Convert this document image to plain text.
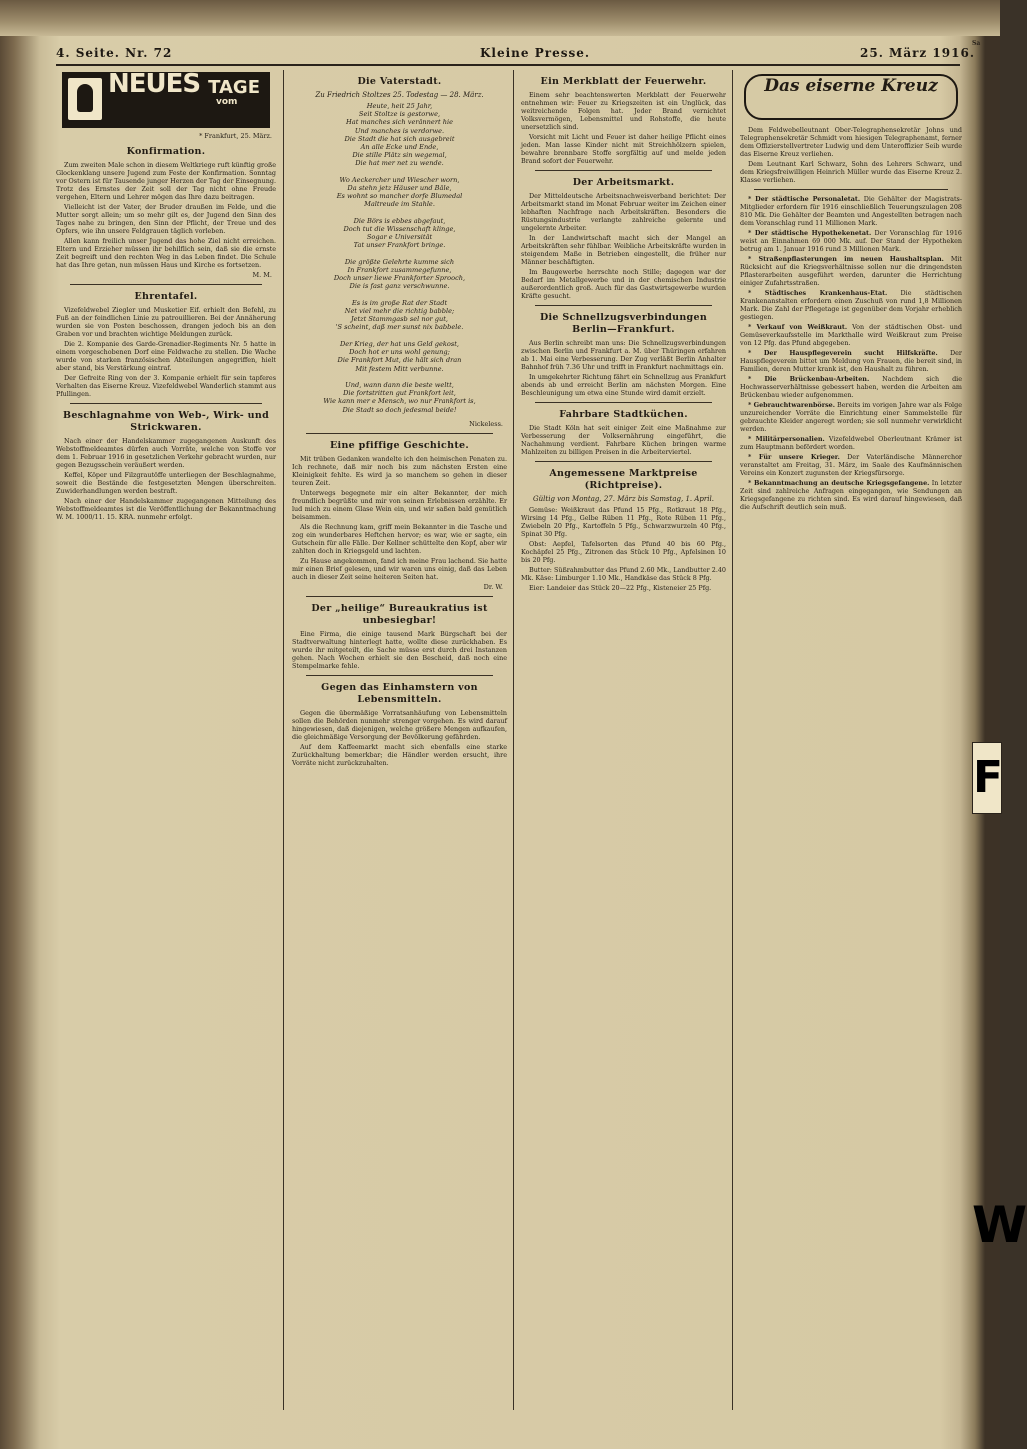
4. Seite. Nr. 72	Kleine Presse.	25. März 1916.
NEUES
vom
TAGE
* Frankfurt, 25. März.
Konfirmation.

Zum zweiten Male schon in diesem Weltkriege ruft künftig große Glockenklang unsere Jugend zum Feste der Konfirmation. Sonntag vor Ostern ist für Tausende junger Herzen der Tag der Einsegnung. Trotz des Ernstes der Zeit soll der Tag nicht ohne Freude vergehen, Eltern und Lehrer mögen das Ihre dazu beitragen.

Vielleicht ist der Vater, der Bruder draußen im Felde, und die Mutter sorgt allein; um so mehr gilt es, der Jugend den Sinn des Tages nahe zu bringen, den Sinn der Pflicht, der Treue und des Opfers, wie ihn unsere Feldgrauen täglich vorleben.

Allen kann freilich unser Jugend das hohe Ziel nicht erreichen. Eltern und Erzieher müssen ihr behilflich sein, daß sie die ernste Zeit begreift und den rechten Weg in das Leben findet. Die Schule hat das Ihre getan, nun müssen Haus und Kirche es fortsetzen.

M. M.
Ehrentafel.

Vizefeldwebel Ziegler und Musketier Eif. erhielt den Befehl, zu Fuß an der feindlichen Linie zu patrouillieren. Bei der Annäherung wurden sie von Posten beschossen, drangen jedoch bis an den Graben vor und brachten wichtige Meldungen zurück.

Die 2. Kompanie des Garde-Grenadier-Regiments Nr. 5 hatte in einem vorgeschobenen Dorf eine Feldwache zu stellen. Die Wache wurde von starken französischen Abteilungen angegriffen, hielt aber stand, bis Verstärkung eintraf.

Der Gefreite Ring von der 3. Kompanie erhielt für sein tapferes Verhalten das Eiserne Kreuz. Vizefeldwebel Wanderlich stammt aus Pfullingen.

Beschlagnahme von Web-, Wirk- und Strickwaren.

Nach einer der Handelskammer zugegangenen Auskunft des Webstoffmeldeamtes dürfen auch Vorräte, welche von Stoffe vor dem 1. Februar 1916 in gesetzlichen Verkehr gebracht wurden, nur gegen Bezugsschein veräußert werden.

Keffel, Köper und Filzgrautöffe unterliegen der Beschlagnahme, soweit die Bestände die festgesetzten Mengen überschreiten. Zuwiderhandlungen werden bestraft.

Nach einer der Handelskammer zugegangenen Mitteilung des Webstoffmeldeamtes ist die Veröffentlichung der Bekanntmachung W. M. 1000/11. 15. KRA. nunmehr erfolgt.

Die Vaterstadt.
Zu Friedrich Stoltzes 25. Todestag — 28. März.

Heute, heit 25 Jahr,

Seit Stoltze is gestorwe,

Hat manches sich verännert hie

Und manches is verdorwe.

Die Stadt die hat sich ausgebreit

An alle Ecke und Ende,

Die stille Plätz sin wegemal,

Die hat mer net zu wende.

Wo Aeckercher und Wiescher worn,

Da stehn jetz Häuser und Bäle,

Es wohnt so mancher dorfe Blumedal

Maltreude im Stahle.

Die Börs is ebbes abgefaut,

Doch tut die Wissenschaft klinge,

Sogar e Universität

Tat unser Frankfort bringe.

Die größte Gelehrte kumme sich

In Frankfort zusammegefunne,

Doch unser liewe Frankforter Sprooch,

Die is fast ganz verschwunne.

Es is im große Rat der Stadt

Net viel mehr die richtig babble;

Jetzt Stammgasb sel nor gut,

'S scheint, daß mer sunst nix babbele.

Der Krieg, der hat uns Geld gekost,

Doch hot er uns wohl genung;

Die Frankfort Mut, die hält sich dran

Mit festem Mitt verbunne.

Und, wann dann die beste weltt,

Die fortstritten gut Frankfort leit,

Wie kann mer e Mensch, wo nur Frankfort is,

Die Stadt so doch jedesmal beide!

Nickeless.
Eine pfiffige Geschichte.

Mit trüben Gedanken wandelte ich den heimischen Penaten zu. Ich rechnete, daß mir noch bis zum nächsten Ersten eine Kleinigkeit fehlte. Es wird ja so manchem so gehen in dieser teuren Zeit.

Unterwegs begegnete mir ein alter Bekannter, der mich freundlich begrüßte und mir von seinen Erlebnissen erzählte. Er lud mich zu einem Glase Wein ein, und wir saßen bald gemütlich beisammen.

Als die Rechnung kam, griff mein Bekannter in die Tasche und zog ein wunderbares Heftchen hervor; es war, wie er sagte, ein Gutschein für alle Fälle. Der Kellner schüttelte den Kopf, aber wir zahlten doch in Kriegsgeld und lachten.

Zu Hause angekommen, fand ich meine Frau lachend. Sie hatte mir einen Brief gelesen, und wir waren uns einig, daß das Leben auch in dieser Zeit seine heiteren Seiten hat.

Dr. W.
Der „heilige“ Bureaukratius ist unbesiegbar!

Eine Firma, die einige tausend Mark Bürgschaft bei der Stadtverwaltung hinterlegt hatte, wollte diese zurückhaben. Es wurde ihr mitgeteilt, die Sache müsse erst durch drei Instanzen gehen. Nach Wochen erhielt sie den Bescheid, daß noch eine Stempelmarke fehle.

Gegen das Einhamstern von Lebensmitteln.

Gegen die übermäßige Vorratsanhäufung von Lebensmitteln sollen die Behörden nunmehr strenger vorgehen. Es wird darauf hingewiesen, daß diejenigen, welche größere Mengen aufkaufen, die gleichmäßige Versorgung der Bevölkerung gefährden.

Auf dem Kaffeemarkt macht sich ebenfalls eine starke Zurückhaltung bemerkbar; die Händler werden ersucht, ihre Vorräte nicht zurückzuhalten.

Ein Merkblatt der Feuerwehr.

Einem sehr beachtenswerten Merkblatt der Feuerwehr entnehmen wir: Feuer zu Kriegszeiten ist ein Unglück, das weitreichende Folgen hat. Jeder Brand vernichtet Volksvermögen, Lebensmittel und Rohstoffe, die heute unersetzlich sind.

Vorsicht mit Licht und Feuer ist daher heilige Pflicht eines jeden. Man lasse Kinder nicht mit Streichhölzern spielen, bewahre brennbare Stoffe sorgfältig auf und melde jeden Brand sofort der Feuerwehr.

Der Arbeitsmarkt.

Der Mitteldeutsche Arbeitsnachweisverband berichtet: Der Arbeitsmarkt stand im Monat Februar weiter im Zeichen einer lebhaften Nachfrage nach Arbeitskräften. Besonders die Rüstungsindustrie verlangte zahlreiche gelernte und ungelernte Arbeiter.

In der Landwirtschaft macht sich der Mangel an Arbeitskräften sehr fühlbar. Weibliche Arbeitskräfte wurden in steigendem Maße in Betrieben eingestellt, die früher nur Männer beschäftigten.

Im Baugewerbe herrschte noch Stille; dagegen war der Bedarf im Metallgewerbe und in der chemischen Industrie außerordentlich groß. Auch für das Gastwirtsgewerbe wurden Kräfte gesucht.

Die Schnellzugsverbindungen Berlin—Frankfurt.

Aus Berlin schreibt man uns: Die Schnellzugsverbindungen zwischen Berlin und Frankfurt a. M. über Thüringen erfahren ab 1. Mai eine Verbesserung. Der Zug verläßt Berlin Anhalter Bahnhof früh 7.36 Uhr und trifft in Frankfurt nachmittags ein.

In umgekehrter Richtung fährt ein Schnellzug aus Frankfurt abends ab und erreicht Berlin am nächsten Morgen. Eine Beschleunigung um etwa eine Stunde wird damit erzielt.

Fahrbare Stadtküchen.

Die Stadt Köln hat seit einiger Zeit eine Maßnahme zur Verbesserung der Volksernährung eingeführt, die Nachahmung verdient. Fahrbare Küchen bringen warme Mahlzeiten zu billigen Preisen in die Arbeiterviertel.

Angemessene Marktpreise (Richtpreise).
Gültig von Montag, 27. März bis Samstag, 1. April.

Gemüse: Weißkraut das Pfund 15 Pfg., Rotkraut 18 Pfg., Wirsing 14 Pfg., Gelbe Rüben 11 Pfg., Rote Rüben 11 Pfg., Zwiebeln 20 Pfg., Kartoffeln 5 Pfg., Schwarzwurzeln 40 Pfg., Spinat 30 Pfg.

Obst: Aepfel, Tafelsorten das Pfund 40 bis 60 Pfg., Kochäpfel 25 Pfg., Zitronen das Stück 10 Pfg., Apfelsinen 10 bis 20 Pfg.

Butter: Süßrahmbutter das Pfund 2.60 Mk., Landbutter 2.40 Mk. Käse: Limburger 1.10 Mk., Handkäse das Stück 8 Pfg.

Eier: Landeier das Stück 20—22 Pfg., Kisteneier 25 Pfg.

Das eiserne Kreuz

Dem Feldwebelleutnant Ober-Telegraphensekretär Johns und Telegraphensekretär Schmidt vom hiesigen Telegraphenamt, ferner dem Offizierstellvertreter Ludwig und dem Unteroffizier Seib wurde das Eiserne Kreuz verliehen.

Dem Leutnant Karl Schwarz, Sohn des Lehrers Schwarz, und dem Kriegsfreiwilligen Heinrich Müller wurde das Eiserne Kreuz 2. Klasse verliehen.

* Der städtische Personaletat. Die Gehälter der Magistrats-Mitglieder erfordern für 1916 einschließlich Teuerungszulagen 208 810 Mk. Die Gehälter der Beamten und Angestellten betragen nach dem Voranschlag rund 11 Millionen Mark.

* Der städtische Hypothekenetat. Der Voranschlag für 1916 weist an Einnahmen 69 000 Mk. auf. Der Stand der Hypotheken betrug am 1. Januar 1916 rund 3 Millionen Mark.

* Straßenpflasterungen im neuen Haushaltsplan. Mit Rücksicht auf die Kriegsverhältnisse sollen nur die dringendsten Pflasterarbeiten ausgeführt werden, darunter die Herrichtung einiger Zufahrtsstraßen.

* Städtisches Krankenhaus-Etat. Die städtischen Krankenanstalten erfordern einen Zuschuß von rund 1,8 Millionen Mark. Die Zahl der Pflegetage ist gegenüber dem Vorjahr erheblich gestiegen.

* Verkauf von Weißkraut. Von der städtischen Obst- und Gemüseverkaufsstelle im Markthalle wird Weißkraut zum Preise von 12 Pfg. das Pfund abgegeben.

* Der Hauspflegeverein sucht Hilfskräfte. Der Hauspflegeverein bittet um Meldung von Frauen, die bereit sind, in Familien, deren Mutter krank ist, den Haushalt zu führen.

* Die Brückenbau-Arbeiten. Nachdem sich die Hochwasserverhältnisse gebessert haben, werden die Arbeiten am Brückenbau wieder aufgenommen.

* Gebrauchtwarenbörse. Bereits im vorigen Jahre war als Folge unzureichender Vorräte die Einrichtung einer Sammelstelle für gebrauchte Kleider angeregt worden; sie soll nunmehr verwirklicht werden.

* Militärpersonalien. Vizefeldwebel Oberleutnant Krämer ist zum Hauptmann befördert worden.

* Für unsere Krieger. Der Vaterländische Männerchor veranstaltet am Freitag, 31. März, im Saale des Kaufmännischen Vereins ein Konzert zugunsten der Kriegsfürsorge.

* Bekanntmachung an deutsche Kriegsgefangene. In letzter Zeit sind zahlreiche Anfragen eingegangen, wie Sendungen an Kriegsgefangene zu richten sind. Es wird darauf hingewiesen, daß die Aufschrift deutlich sein muß.

Sa
F
W
